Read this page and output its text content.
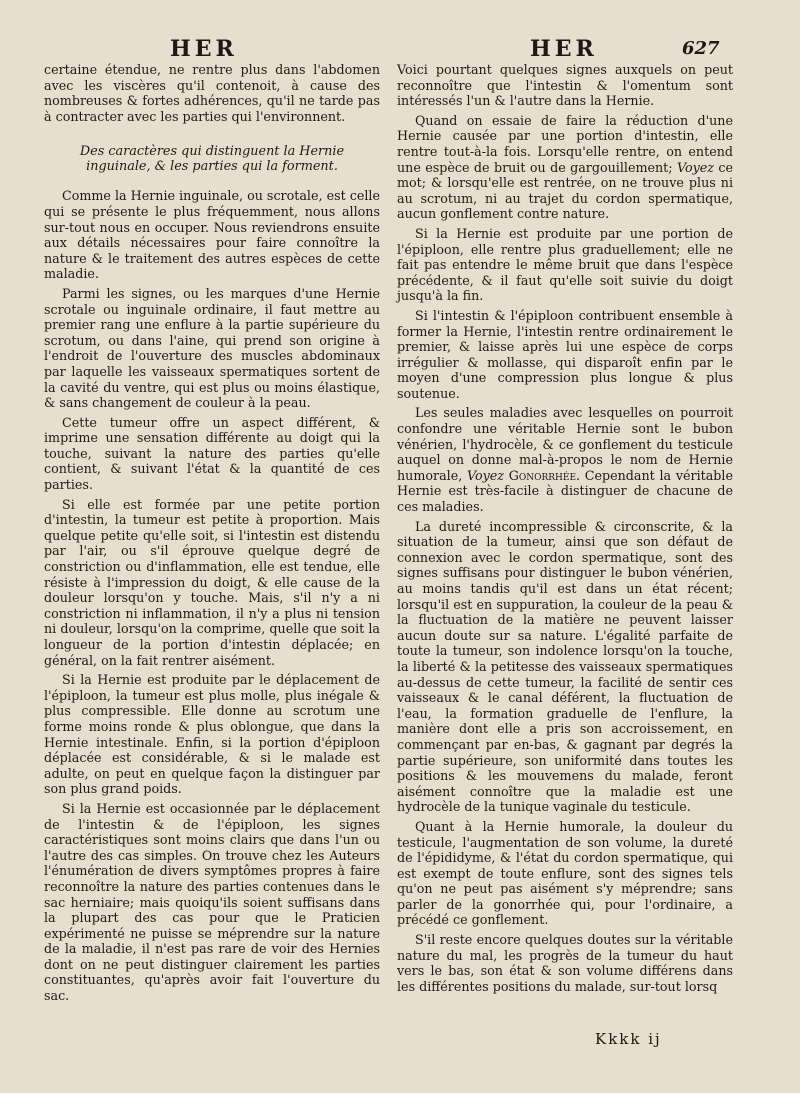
HER	HER	627

certaine étendue, ne rentre plus dans l'abdomen avec les viscères qu'il contenoit, à cause des nombreuses & fortes adhérences, qu'il ne tarde pas à contracter avec les parties qui l'environnent.

Des caractères qui distinguent la Hernie inguinale, & les parties qui la forment.

Comme la Hernie inguinale, ou scrotale, est celle qui se présente le plus fréquemment, nous allons sur-tout nous en occuper. Nous reviendrons ensuite aux détails nécessaires pour faire connoître la nature & le traitement des autres espèces de cette maladie.

Parmi les signes, ou les marques d'une Hernie scrotale ou inguinale ordinaire, il faut mettre au premier rang une enflure à la partie supérieure du scrotum, ou dans l'aine, qui prend son origine à l'endroit de l'ouverture des muscles abdominaux par laquelle les vaisseaux spermatiques sortent de la cavité du ventre, qui est plus ou moins élastique, & sans changement de couleur à la peau.

Cette tumeur offre un aspect différent, & imprime une sensation différente au doigt qui la touche, suivant la nature des parties qu'elle contient, & suivant l'état & la quantité de ces parties.

Si elle est formée par une petite portion d'intestin, la tumeur est petite à proportion. Mais quelque petite qu'elle soit, si l'intestin est distendu par l'air, ou s'il éprouve quelque degré de constriction ou d'inflammation, elle est tendue, elle résiste à l'impression du doigt, & elle cause de la douleur lorsqu'on y touche. Mais, s'il n'y a ni constriction ni inflammation, il n'y a plus ni tension ni douleur, lorsqu'on la comprime, quelle que soit la longueur de la portion d'intestin déplacée; en général, on la fait rentrer aisément.

Si la Hernie est produite par le déplacement de l'épiploon, la tumeur est plus molle, plus inégale & plus compressible. Elle donne au scrotum une forme moins ronde & plus oblongue, que dans la Hernie intestinale. Enfin, si la portion d'épiploon déplacée est considérable, & si le malade est adulte, on peut en quelque façon la distinguer par son plus grand poids.

Si la Hernie est occasionnée par le déplacement de l'intestin & de l'épiploon, les signes caractéristiques sont moins clairs que dans l'un ou l'autre des cas simples. On trouve chez les Auteurs l'énumération de divers symptômes propres à faire reconnoître la nature des parties contenues dans le sac herniaire; mais quoiqu'ils soient suffisans dans la plupart des cas pour que le Praticien expérimenté ne puisse se méprendre sur la nature de la maladie, il n'est pas rare de voir des Hernies dont on ne peut distinguer clairement les parties constituantes, qu'après avoir fait l'ouverture du sac.

Voici pourtant quelques signes auxquels on peut reconnoître que l'intestin & l'omentum sont intéressés l'un & l'autre dans la Hernie.

Quand on essaie de faire la réduction d'une Hernie causée par une portion d'intestin, elle rentre tout-à-la fois. Lorsqu'elle rentre, on entend une espèce de bruit ou de gargouillement; Voyez ce mot; & lorsqu'elle est rentrée, on ne trouve plus ni au scrotum, ni au trajet du cordon spermatique, aucun gonflement contre nature.

Si la Hernie est produite par une portion de l'épiploon, elle rentre plus graduellement; elle ne fait pas entendre le même bruit que dans l'espèce précédente, & il faut qu'elle soit suivie du doigt jusqu'à la fin.

Si l'intestin & l'épiploon contribuent ensemble à former la Hernie, l'intestin rentre ordinairement le premier, & laisse après lui une espèce de corps irrégulier & mollasse, qui disparoît enfin par le moyen d'une compression plus longue & plus soutenue.

Les seules maladies avec lesquelles on pourroit confondre une véritable Hernie sont le bubon vénérien, l'hydrocèle, & ce gonflement du testicule auquel on donne mal-à-propos le nom de Hernie humorale, Voyez Gonorrhée. Cependant la véritable Hernie est très-facile à distinguer de chacune de ces maladies.

La dureté incompressible & circonscrite, & la situation de la tumeur, ainsi que son défaut de connexion avec le cordon spermatique, sont des signes suffisans pour distinguer le bubon vénérien, au moins tandis qu'il est dans un état récent; lorsqu'il est en suppuration, la couleur de la peau & la fluctuation de la matière ne peuvent laisser aucun doute sur sa nature. L'égalité parfaite de toute la tumeur, son indolence lorsqu'on la touche, la liberté & la petitesse des vaisseaux spermatiques au-dessus de cette tumeur, la facilité de sentir ces vaisseaux & le canal déférent, la fluctuation de l'eau, la formation graduelle de l'enflure, la manière dont elle a pris son accroissement, en commençant par en-bas, & gagnant par degrés la partie supérieure, son uniformité dans toutes les positions & les mouvemens du malade, feront aisément connoître que la maladie est une hydrocèle de la tunique vaginale du testicule.

Quant à la Hernie humorale, la douleur du testicule, l'augmentation de son volume, la dureté de l'épididyme, & l'état du cordon spermatique, qui est exempt de toute enflure, sont des signes tels qu'on ne peut pas aisément s'y méprendre; sans parler de la gonorrhée qui, pour l'ordinaire, a précédé ce gonflement.

S'il reste encore quelques doutes sur la véritable nature du mal, les progrès de la tumeur du haut vers le bas, son état & son volume différens dans les différentes positions du malade, sur-tout lorsq

Kkkk ij
